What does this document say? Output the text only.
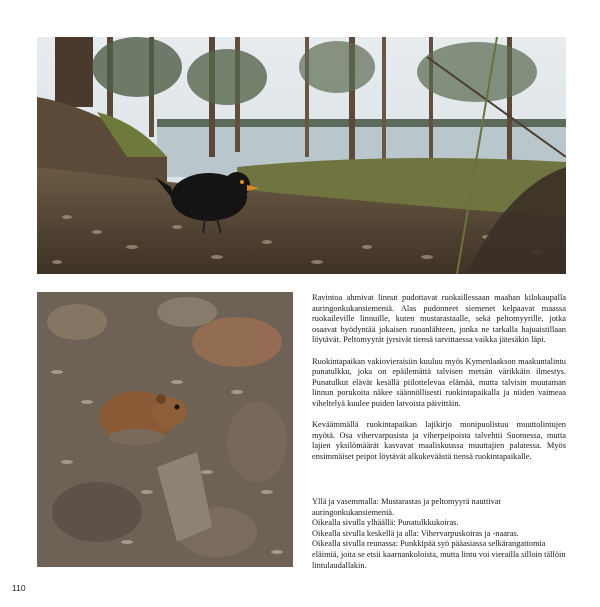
Ravintoa ahmivat linnut pudottavat ruokaillessaan maahan kilokaupalla auringonkukansiemeniä. Alas pudonneet siemenet kelpaavat maassa ruokaileville linnuille, kuten mustarastaalle, sekä peltomyyrille, jotka osaavat hyödyntää jokaisen ruoanlähteen, jonka ne tarkalla hajuaistillaan löytävät. Peltomyyrät jyrsivät tiensä tarvittaessa vaikka jätesäkin läpi.

Ruokintapaikan vakiovieraisiin kuuluu myös Kymenlaakson maakuntalintu punatulkku, joka on epäilemättä talvisen metsän värikkäin ilmestys. Punatulkut elävät kesällä piilottelevaa elämää, mutta talvisin muutaman linnun porukoita näkee säännöllisesti ruokintapaikalla ja niiden vaimeaa viheltelyä kuulee puiden latvoista päivittäin.

Keväämmällä ruokintapaikan lajikirjo monipuolistuu muuttolintujen myötä. Osa vihervarpusista ja viherpeipoista talvehtii Suomessa, mutta lajien yksilömäärät kasvavat maaliskuussa muuttajien palatessa. Myös ensimmäiset peipot löytävät alkukeväästä tiensä ruokintapaikalle.

Yllä ja vasemmalla: Mustarastas ja peltomyyrä nauttivat auringonkukansiemeniä.
Oikealla sivulla ylhäällä: Punatulkkukoiras.
Oikealla sivulla keskellä ja alla: Vihervarpuskoiras ja -naaras.
Oikealla sivulla reunassa: Punkkipää syö pääasiassa selkärangattomia eläimiä, joita se etsii kaarnankoloista, mutta lintu voi vierailla silloin tällöin lintulaudallakin.
110
